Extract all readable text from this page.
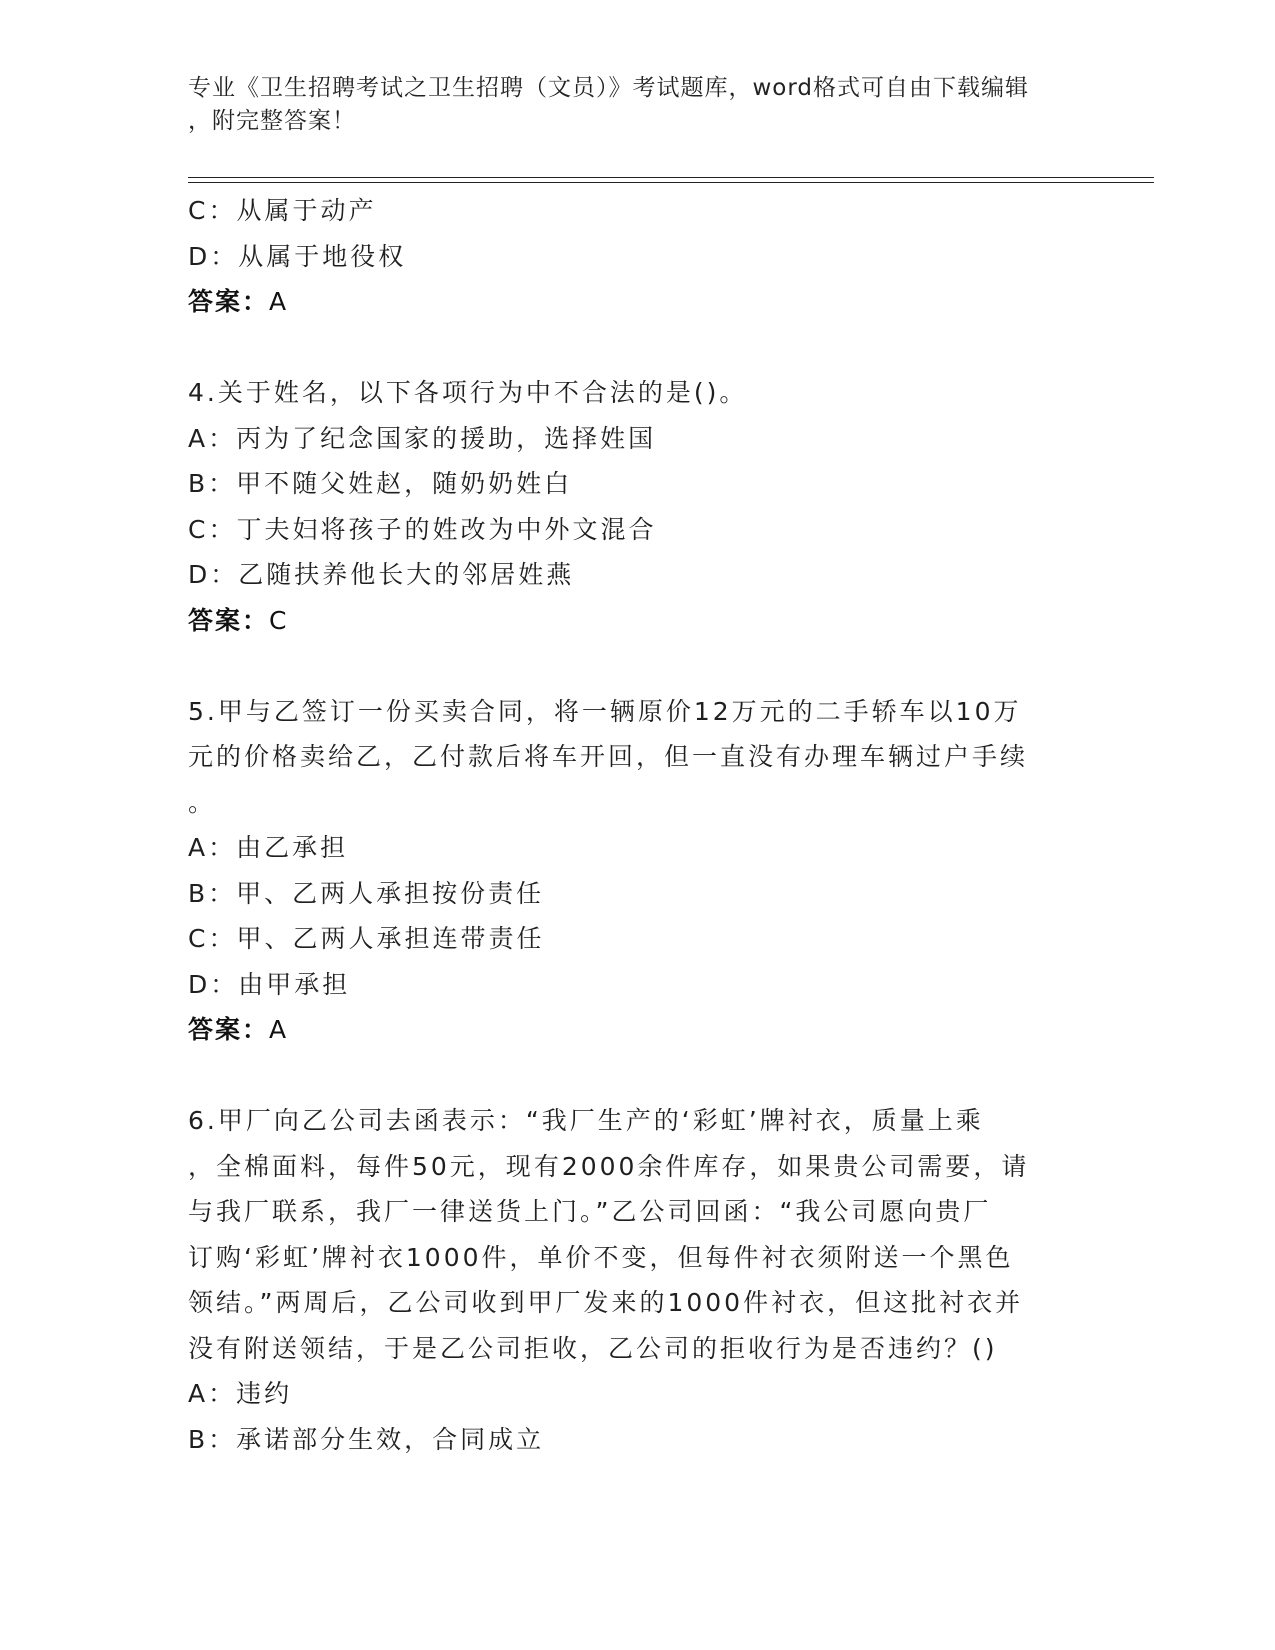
专业《卫生招聘考试之卫生招聘（文员）》考试题库，word格式可自由下载编辑
，附完整答案！
C：从属于动产
D：从属于地役权
答案：A
4.关于姓名，以下各项行为中不合法的是()。
A：丙为了纪念国家的援助，选择姓国
B：甲不随父姓赵，随奶奶姓白
C：丁夫妇将孩子的姓改为中外文混合
D：乙随扶养他长大的邻居姓燕
答案：C
5.甲与乙签订一份买卖合同，将一辆原价12万元的二手轿车以10万
元的价格卖给乙，乙付款后将车开回，但一直没有办理车辆过户手续
。
A：由乙承担
B：甲、乙两人承担按份责任
C：甲、乙两人承担连带责任
D：由甲承担
答案：A
6.甲厂向乙公司去函表示：“我厂生产的‘彩虹’牌衬衣，质量上乘
，全棉面料，每件50元，现有2000余件库存，如果贵公司需要，请
与我厂联系，我厂一律送货上门。”乙公司回函：“我公司愿向贵厂
订购‘彩虹’牌衬衣1000件，单价不变，但每件衬衣须附送一个黑色
领结。”两周后，乙公司收到甲厂发来的1000件衬衣，但这批衬衣并
没有附送领结，于是乙公司拒收，乙公司的拒收行为是否违约？()
A：违约
B：承诺部分生效，合同成立
